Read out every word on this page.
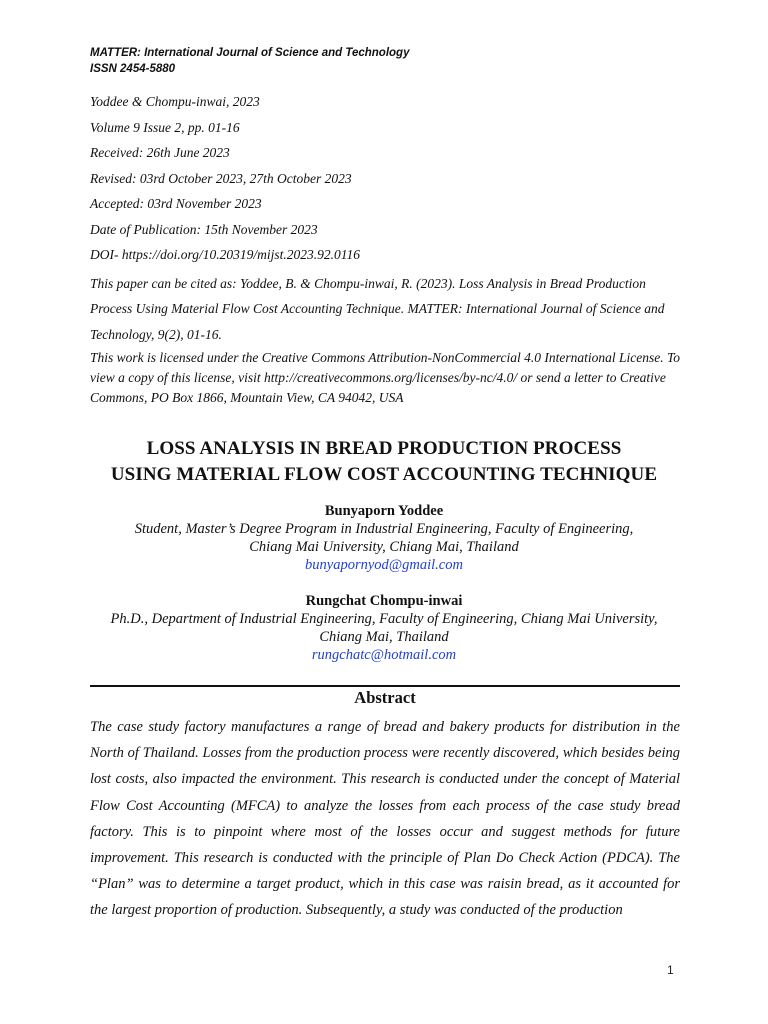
MATTER: International Journal of Science and Technology
ISSN 2454-5880
Yoddee & Chompu-inwai, 2023
Volume 9 Issue 2, pp. 01-16
Received: 26th June 2023
Revised: 03rd October 2023, 27th October 2023
Accepted: 03rd November 2023
Date of Publication: 15th November 2023
DOI- https://doi.org/10.20319/mijst.2023.92.0116
This paper can be cited as: Yoddee, B. & Chompu-inwai, R. (2023). Loss Analysis in Bread Production Process Using Material Flow Cost Accounting Technique. MATTER: International Journal of Science and Technology, 9(2), 01-16.
This work is licensed under the Creative Commons Attribution-NonCommercial 4.0 International License. To view a copy of this license, visit http://creativecommons.org/licenses/by-nc/4.0/ or send a letter to Creative Commons, PO Box 1866, Mountain View, CA 94042, USA
LOSS ANALYSIS IN BREAD PRODUCTION PROCESS
USING MATERIAL FLOW COST ACCOUNTING TECHNIQUE
Bunyaporn Yoddee
Student, Master’s Degree Program in Industrial Engineering, Faculty of Engineering,
Chiang Mai University, Chiang Mai, Thailand
bunyapornyod@gmail.com
Rungchat Chompu-inwai
Ph.D., Department of Industrial Engineering, Faculty of Engineering, Chiang Mai University,
Chiang Mai, Thailand
rungchatc@hotmail.com
Abstract

The case study factory manufactures a range of bread and bakery products for distribution in the North of Thailand. Losses from the production process were recently discovered, which besides being lost costs, also impacted the environment. This research is conducted under the concept of Material Flow Cost Accounting (MFCA) to analyze the losses from each process of the case study bread factory. This is to pinpoint where most of the losses occur and suggest methods for future improvement. This research is conducted with the principle of Plan Do Check Action (PDCA). The “Plan” was to determine a target product, which in this case was raisin bread, as it accounted for the largest proportion of production. Subsequently, a study was conducted of the production

1
